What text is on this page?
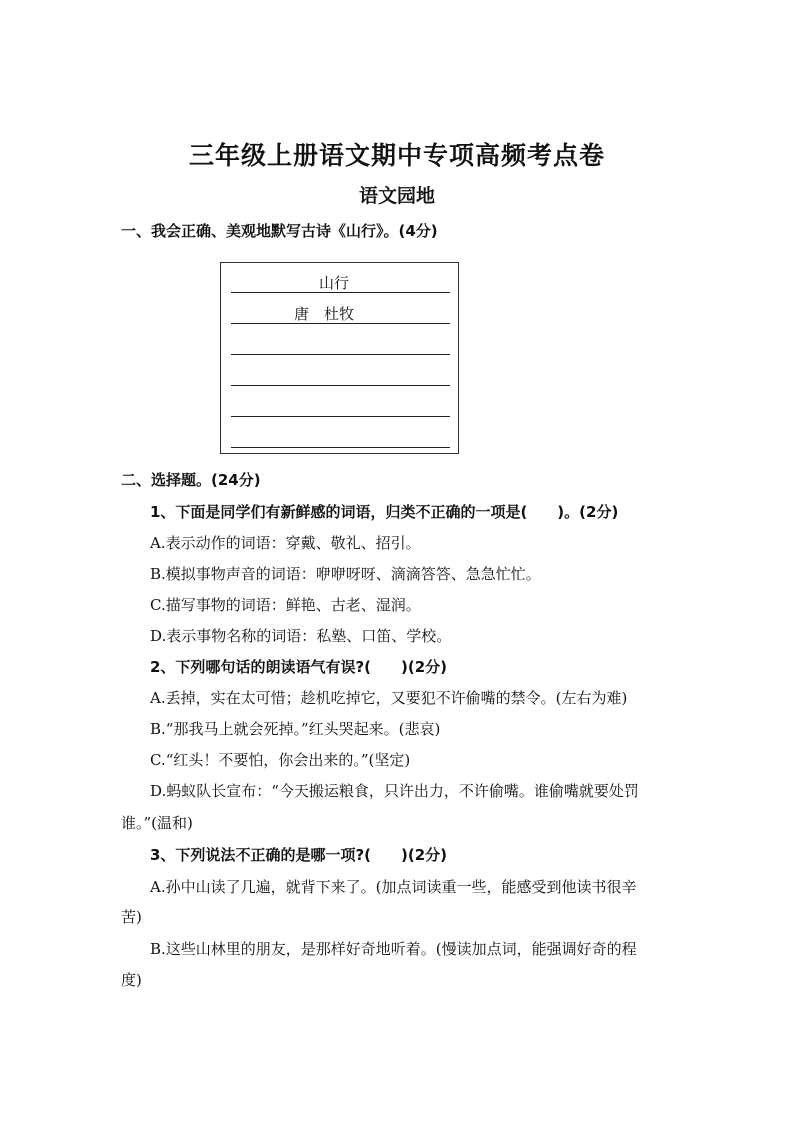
三年级上册语文期中专项高频考点卷
语文园地
一、我会正确、美观地默写古诗《山行》。(4分)
山行
唐　杜牧
二、选择题。(24分)
1、下面是同学们有新鲜感的词语，归类不正确的一项是(　　)。(2分)
A.表示动作的词语：穿戴、敬礼、招引。
B.模拟事物声音的词语：咿咿呀呀、滴滴答答、急急忙忙。
C.描写事物的词语：鲜艳、古老、湿润。
D.表示事物名称的词语：私塾、口笛、学校。
2、下列哪句话的朗读语气有误?(　　)(2分)
A.丢掉，实在太可惜；趁机吃掉它，又要犯不许偷嘴的禁令。(左右为难)
B.“那我马上就会死掉。”红头哭起来。(悲哀)
C.“红头！不要怕，你会出来的。”(坚定)
D.蚂蚁队长宣布：“今天搬运粮食，只许出力，不许偷嘴。谁偷嘴就要处罚
谁。”(温和)
3、下列说法不正确的是哪一项?(　　)(2分)
A.孙中山读了几遍，就背下来了。(加点词读重一些，能感受到他读书很辛
苦)
B.这些山林里的朋友，是那样好奇地听着。(慢读加点词，能强调好奇的程
度)
